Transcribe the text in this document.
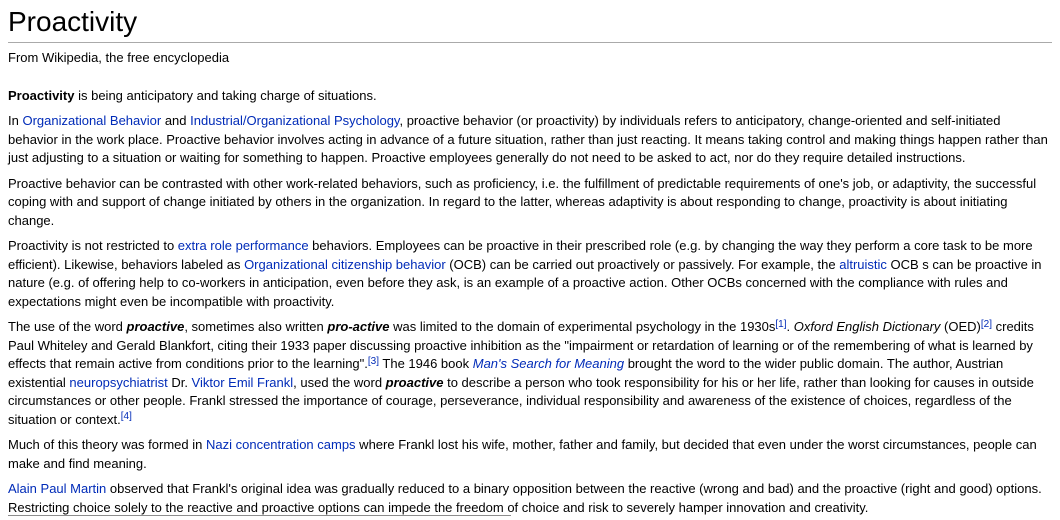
Proactivity
From Wikipedia, the free encyclopedia

Proactivity is being anticipatory and taking charge of situations.

In Organizational Behavior and Industrial/Organizational Psychology, proactive behavior (or proactivity) by individuals refers to anticipatory, change-oriented and self-initiated behavior in the work place. Proactive behavior involves acting in advance of a future situation, rather than just reacting. It means taking control and making things happen rather than just adjusting to a situation or waiting for something to happen. Proactive employees generally do not need to be asked to act, nor do they require detailed instructions.

Proactive behavior can be contrasted with other work-related behaviors, such as proficiency, i.e. the fulfillment of predictable requirements of one's job, or adaptivity, the successful coping with and support of change initiated by others in the organization. In regard to the latter, whereas adaptivity is about responding to change, proactivity is about initiating change.

Proactivity is not restricted to extra role performance behaviors. Employees can be proactive in their prescribed role (e.g. by changing the way they perform a core task to be more efficient). Likewise, behaviors labeled as Organizational citizenship behavior (OCB) can be carried out proactively or passively. For example, the altruistic OCB s can be proactive in nature (e.g. of offering help to co-workers in anticipation, even before they ask, is an example of a proactive action. Other OCBs concerned with the compliance with rules and expectations might even be incompatible with proactivity.

The use of the word proactive, sometimes also written pro-active was limited to the domain of experimental psychology in the 1930s[1]. Oxford English Dictionary (OED)[2] credits Paul Whiteley and Gerald Blankfort, citing their 1933 paper discussing proactive inhibition as the "impairment or retardation of learning or of the remembering of what is learned by effects that remain active from conditions prior to the learning".[3] The 1946 book Man's Search for Meaning brought the word to the wider public domain. The author, Austrian existential neuropsychiatrist Dr. Viktor Emil Frankl, used the word proactive to describe a person who took responsibility for his or her life, rather than looking for causes in outside circumstances or other people. Frankl stressed the importance of courage, perseverance, individual responsibility and awareness of the existence of choices, regardless of the situation or context.[4]

Much of this theory was formed in Nazi concentration camps where Frankl lost his wife, mother, father and family, but decided that even under the worst circumstances, people can make and find meaning.

Alain Paul Martin observed that Frankl's original idea was gradually reduced to a binary opposition between the reactive (wrong and bad) and the proactive (right and good) options. Restricting choice solely to the reactive and proactive options can impede the freedom of choice and risk to severely hamper innovation and creativity.
